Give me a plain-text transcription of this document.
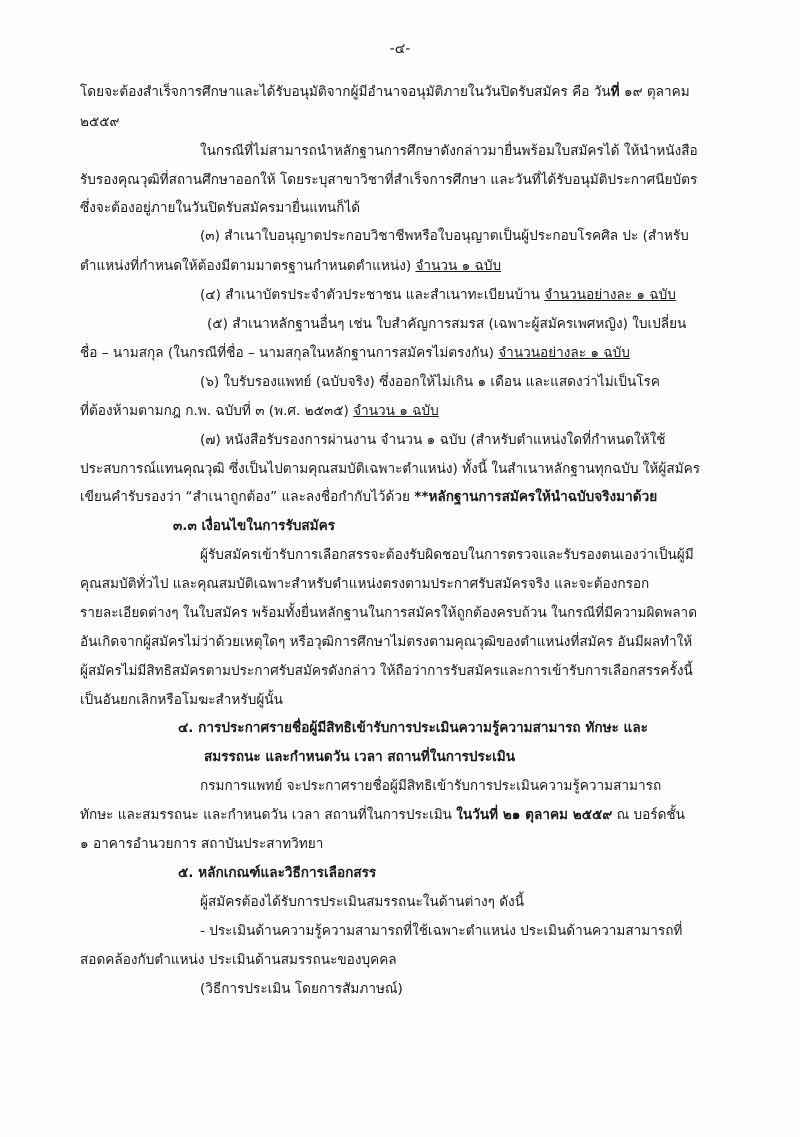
-๔-
โดยจะต้องสำเร็จการศึกษาและได้รับอนุมัติจากผู้มีอำนาจอนุมัติภายในวันปิดรับสมัคร คือ วันที่ ๑๙ ตุลาคม
๒๕๕๙
ในกรณีที่ไม่สามารถนำหลักฐานการศึกษาดังกล่าวมายื่นพร้อมใบสมัครได้ ให้นำหนังสือ
รับรองคุณวุฒิที่สถานศึกษาออกให้ โดยระบุสาขาวิชาที่สำเร็จการศึกษา และวันที่ได้รับอนุมัติประกาศนียบัตร
ซึ่งจะต้องอยู่ภายในวันปิดรับสมัครมายื่นแทนก็ได้
(๓) สำเนาใบอนุญาตประกอบวิชาชีพหรือใบอนุญาตเป็นผู้ประกอบโรคศิล ปะ (สำหรับ
ตำแหน่งที่กำหนดให้ต้องมีตามมาตรฐานกำหนดตำแหน่ง) จำนวน ๑ ฉบับ
(๔) สำเนาบัตรประจำตัวประชาชน และสำเนาทะเบียนบ้าน จำนวนอย่างละ ๑ ฉบับ
(๕) สำเนาหลักฐานอื่นๆ เช่น ใบสำคัญการสมรส (เฉพาะผู้สมัครเพศหญิง) ใบเปลี่ยน
ชื่อ – นามสกุล (ในกรณีที่ชื่อ – นามสกุลในหลักฐานการสมัครไม่ตรงกัน) จำนวนอย่างละ ๑ ฉบับ
(๖) ใบรับรองแพทย์ (ฉบับจริง) ซึ่งออกให้ไม่เกิน ๑ เดือน และแสดงว่าไม่เป็นโรค
ที่ต้องห้ามตามกฎ ก.พ. ฉบับที่ ๓ (พ.ศ. ๒๕๓๕) จำนวน ๑ ฉบับ
(๗) หนังสือรับรองการผ่านงาน จำนวน ๑ ฉบับ (สำหรับตำแหน่งใดที่กำหนดให้ใช้
ประสบการณ์แทนคุณวุฒิ ซึ่งเป็นไปตามคุณสมบัติเฉพาะตำแหน่ง) ทั้งนี้ ในสำเนาหลักฐานทุกฉบับ ให้ผู้สมัคร
เขียนคำรับรองว่า “สำเนาถูกต้อง” และลงชื่อกำกับไว้ด้วย **หลักฐานการสมัครให้นำฉบับจริงมาด้วย
๓.๓ เงื่อนไขในการรับสมัคร
ผู้รับสมัครเข้ารับการเลือกสรรจะต้องรับผิดชอบในการตรวจและรับรองตนเองว่าเป็นผู้มี
คุณสมบัติทั่วไป และคุณสมบัติเฉพาะสำหรับตำแหน่งตรงตามประกาศรับสมัครจริง และจะต้องกรอก
รายละเอียดต่างๆ ในใบสมัคร พร้อมทั้งยื่นหลักฐานในการสมัครให้ถูกต้องครบถ้วน ในกรณีที่มีความผิดพลาด
อันเกิดจากผู้สมัครไม่ว่าด้วยเหตุใดๆ หรือวุฒิการศึกษาไม่ตรงตามคุณวุฒิของตำแหน่งที่สมัคร อันมีผลทำให้
ผู้สมัครไม่มีสิทธิสมัครตามประกาศรับสมัครดังกล่าว ให้ถือว่าการรับสมัครและการเข้ารับการเลือกสรรครั้งนี้
เป็นอันยกเลิกหรือโมฆะสำหรับผู้นั้น
๔. การประกาศรายชื่อผู้มีสิทธิเข้ารับการประเมินความรู้ความสามารถ ทักษะ และ
สมรรถนะ และกำหนดวัน เวลา สถานที่ในการประเมิน
กรมการแพทย์ จะประกาศรายชื่อผู้มีสิทธิเข้ารับการประเมินความรู้ความสามารถ
ทักษะ และสมรรถนะ และกำหนดวัน เวลา สถานที่ในการประเมิน ในวันที่ ๒๑ ตุลาคม ๒๕๕๙ ณ บอร์ดชั้น
๑ อาคารอำนวยการ สถาบันประสาทวิทยา
๕. หลักเกณฑ์และวิธีการเลือกสรร
ผู้สมัครต้องได้รับการประเมินสมรรถนะในด้านต่างๆ ดังนี้
- ประเมินด้านความรู้ความสามารถที่ใช้เฉพาะตำแหน่ง ประเมินด้านความสามารถที่
สอดคล้องกับตำแหน่ง ประเมินด้านสมรรถนะของบุคคล
(วิธีการประเมิน โดยการสัมภาษณ์)
